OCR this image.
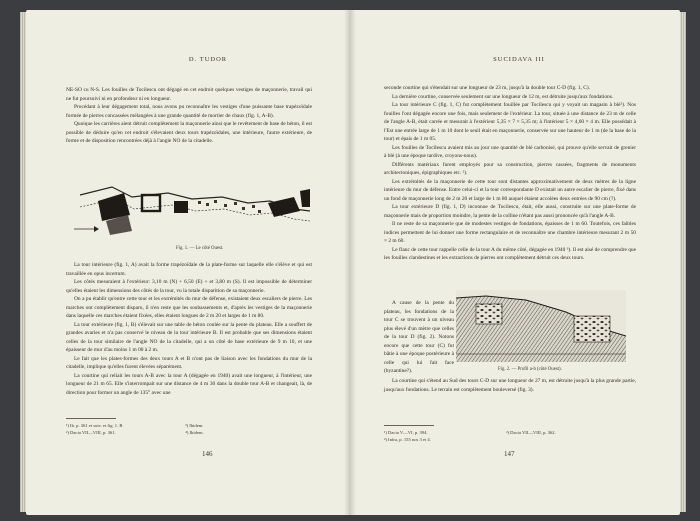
D. TUDOR

NE-SO cu N-S. Les fouilles de Tocilescu ont dégagé en cet endroit quelques vestiges de maçonnerie, travail qui ne fut poursuivi ni en profondeur ni en longueur.

Procédant à leur dégagement total, nous avons pu reconnaître les vestiges d'une puissante base trapézoïdale formée de pierres concassées mélangées à une grande quantité de mortier de chaux (fig. 1, A-B).

Quoique les carrières aient détruit complètement la maçonnerie ainsi que le revêtement de base de béton, il est possible de déduire qu'en cet endroit s'élevaient deux tours trapézoïdales, une intérieure, l'autre extérieure, de forme et de disposition rencontrées déjà à l'angle NO de la citadelle.

Fig. 1. — Le côté Ouest.

La tour intérieure (fig. 1, A) avait la forme trapézoïdale de la plate-forme sur laquelle elle s'élève et qui est travaillée en opus incertum.

Les côtés mesuraient à l'extérieur: 3,10 m (N) + 6,50 (E) + et 3,80 m (S). Il est impossible de déterminer qu'elles étaient les dimensions des côtés de la tour, vu la totale disparition de sa maçonnerie.

On a pu établir qu'entre cette tour et les extrémités du mur de défense, existaient deux escaliers de pierre. Les marches ont complètement disparu, il n'en reste que les soubassements et, d'après les vestiges de la maçonnerie dans laquelle ces marches étaient fixées, elles étaient longues de 2 m 20 et larges de 1 m 80.

La tour extérieure (fig. 1, B) s'élevait sur une table de béton coulée sur la pente du plateau. Elle a souffert de grandes avaries et n'a pas conservé le niveau de la tour intérieure B. Il est probable que ses dimensions étaient celles de la tour similaire de l'angle NO de la citadelle, qui a un côté de base extérieure de 9 m 10, et une épaisseur de mur d'au moins 1 m 00 à 2 m.

Le fait que les plates-formes des deux tours A et B n'ont pas de liaison avec les fondations du mur de la citadelle, implique qu'elles furent élevées séparément.

La courtine qui reliait les tours A-B avec la tour A (dégagée en 1940) avait une longueur, à l'intérieur, une longueur de 21 m 65. Elle s'interrompait sur une distance de 4 m 30 dans la double tour A-B et changeait, là, de direction pour former un angle de 135° avec une

¹) Ib. p. 361 et suiv. et fig. 1. B	³) Ibidem. ²) Dacia VII—VIII, p. 361.	⁴) Ibidem.
146
SUCIDAVA III

seconde courtine qui s'étendait sur une longueur de 23 m, jusqu'à la double tour C-D (fig. 1, C).

La dernière courtine, conservée seulement sur une longueur de 12 m, est détruite jusqu'aux fondations.

La tour intérieure C (fig. 1, C) fut complètement fouillée par Tocilescu qui y voyait un magasin à blé¹). Nos fouilles l'ont dégagée encore une fois, mais seulement de l'extérieur. La tour, située à une distance de 23 m de celle de l'angle A-B, était carrée et mesurait à l'extérieur 5,35 × 7 × 5,35 m; à l'intérieur 5 × 4,60 × 4 m. Elle possédait à l'Est une entrée large de 1 m 10 dont le seuil était en maçonnerie, conservée sur une hauteur de 1 m (de la base de la tour) et épais de 1 m 05.

Les fouilles de Tocilescu avaient mis au jour une quantité de blé carbonisé, qui prouve qu'elle servait de grenier à blé (à une époque tardive, croyons-nous).

Différents matériaux furent employés pour sa construction, pierres cassées, fragments de monuments architectoniques, épigraphiques etc. ²).

Les extrémités de la maçonnerie de cette tour sont distantes approximativement de deux mètres de la ligne intérieure du mur de défense. Entre celui-ci et la tour correspondante D existait un autre escalier de pierre, fixé dans un fond de maçonnerie long de 2 m 20 et large de 1 m 80 auquel étaient accolées deux entrées de 90 cm (?).

La tour extérieure D (fig. 1, D) inconnue de Tocilescu, était, elle aussi, construite sur une plate-forme de maçonnerie mais de proportion moindre, la pente de la colline n'étant pas aussi prononcée qu'à l'angle A-B.

Il ne reste de sa maçonnerie que de modestes vestiges de fondations, épaisses de 1 m 60. Toutefois, ces faibles indices permettent de lui donner une forme rectangulaire et de reconnaître une chambre intérieure mesurant 2 m 50 × 2 m 60.

Le flanc de cette tour rappelle celle de la tour A du même côté, dégagée en 1940 ³). Il est aisé de comprendre que les fouilles clandestines et les extractions de pierres ont complètement détruit ces deux tours.

A cause de la pente du plateau, les fondations de la tour C se trouvent à un niveau plus élevé d'un mètre que celles de la tour D (fig. 2). Notons encore que cette tour (C) fut bâtie à une époque postérieure à celle qui lui fait face (byzantine?).	Fig. 2. — Profil a-b (côté Ouest).

La courtine qui s'étend au Sud des tours C-D sur une longueur de 27 m, est détruite jusqu'à la plus grande partie, jusqu'aux fondations. Le terrain est complètement bouleversé (fig. 3).

¹) Dacia V—VI, p. 394.	³) Dacia VII—VIII, p. 362. ²) Infra, p. 155 nos 3 et 4.
147
